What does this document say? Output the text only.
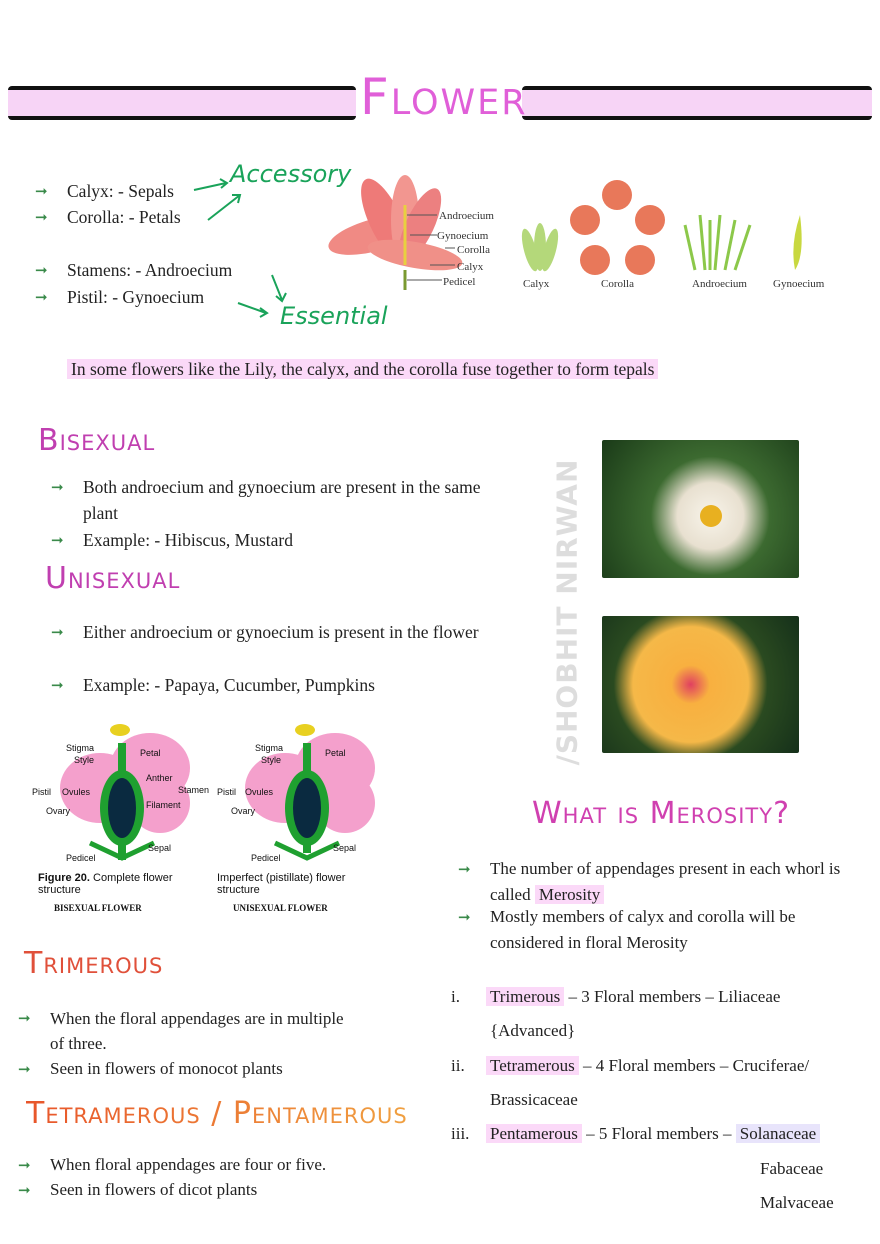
Flower
➞ Calyx: - Sepals
➞ Corolla: - Petals
➞ Stamens: - Androecium
➞ Pistil: - Gynoecium
Accessory
Essential
Androecium
Gynoecium
Corolla
Calyx
Pedicel	Calyx	Corolla	Androecium Gynoecium
In some flowers like the Lily, the calyx, and the corolla fuse together to form tepals
Bisexual
➞ Both androecium and gynoecium are present in the same plant
➞ Example: - Hibiscus, Mustard
Unisexual
➞ Either androecium or gynoecium is present in the flower
➞ Example: - Papaya, Cucumber, Pumpkins	/SHOBHIT NIRWAN
Stigma
Style
Petal
Anther
Stamen
Pistil Ovules
Filament
Ovary
Sepal
Pedicel
Stigma
Style
Petal
Pistil Ovules
Ovary
Sepal
Pedicel
Figure 20. Complete flower structure
Imperfect (pistillate) flower structure
BISEXUAL FLOWER	UNISEXUAL FLOWER
What is Merosity?
➞ The number of appendages present in each whorl is called Merosity
➞ Mostly members of calyx and corolla will be considered in floral Merosity
i. Trimerous – 3 Floral members – Liliaceae
{Advanced}
ii. Tetramerous – 4 Floral members – Cruciferae/
Brassicaceae
iii. Pentamerous – 5 Floral members – Solanaceae
Fabaceae
Malvaceae
Trimerous
➞ When the floral appendages are in multiple of three.
➞ Seen in flowers of monocot plants
Tetramerous / Pentamerous
➞ When floral appendages are four or five.
➞ Seen in flowers of dicot plants
